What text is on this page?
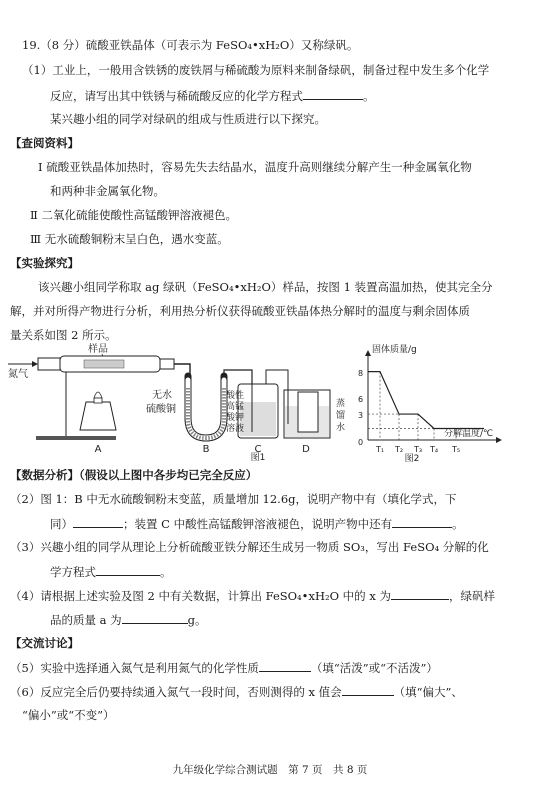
19.（8 分）硫酸亚铁晶体（可表示为 FeSO₄•xH₂O）又称绿矾。
（1）工业上，一般用含铁锈的废铁屑与稀硫酸为原料来制备绿矾，制备过程中发生多个化学
反应，请写出其中铁锈与稀硫酸反应的化学方程式	。
某兴趣小组的同学对绿矾的组成与性质进行以下探究。
【查阅资料】
Ⅰ 硫酸亚铁晶体加热时，容易先失去结晶水，温度升高则继续分解产生一种金属氧化物
和两种非金属氧化物。
Ⅱ 二氧化硫能使酸性高锰酸钾溶液褪色。
Ⅲ 无水硫酸铜粉末呈白色，遇水变蓝。
【实验探究】
该兴趣小组同学称取 ag 绿矾（FeSO₄•xH₂O）样品，按图 1 装置高温加热，使其完全分
解，并对所得产物进行分析，利用热分析仪获得硫酸亚铁晶体热分解时的温度与剩余固体质
量关系如图 2 所示。
样品
氮气
A
无水
硫酸铜
B
酸性
高锰
酸钾
溶液
C
蒸
馏
水
D
图1
固体质量/g
分解温度/℃
0
8
6
3
T₁ T₂ T₃ T₄ T₅
图2
【数据分析】（假设以上图中各步均已完全反应）
（2）图 1：B 中无水硫酸铜粉末变蓝，质量增加 12.6g，说明产物中有（填化学式，下
同）	；装置 C 中酸性高锰酸钾溶液褪色，说明产物中还有	。
（3）兴趣小组的同学从理论上分析硫酸亚铁分解还生成另一物质 SO₃，写出 FeSO₄ 分解的化
学方程式	。
（4）请根据上述实验及图 2 中有关数据，计算出 FeSO₄•xH₂O 中的 x 为	，绿矾样
品的质量 a 为	g。
【交流讨论】
（5）实验中选择通入氮气是利用氮气的化学性质	（填“活泼”或“不活泼”）
（6）反应完全后仍要持续通入氮气一段时间，否则测得的 x 值会	（填“偏大”、
“偏小”或“不变”）
九年级化学综合测试题　第 7 页　共 8 页
